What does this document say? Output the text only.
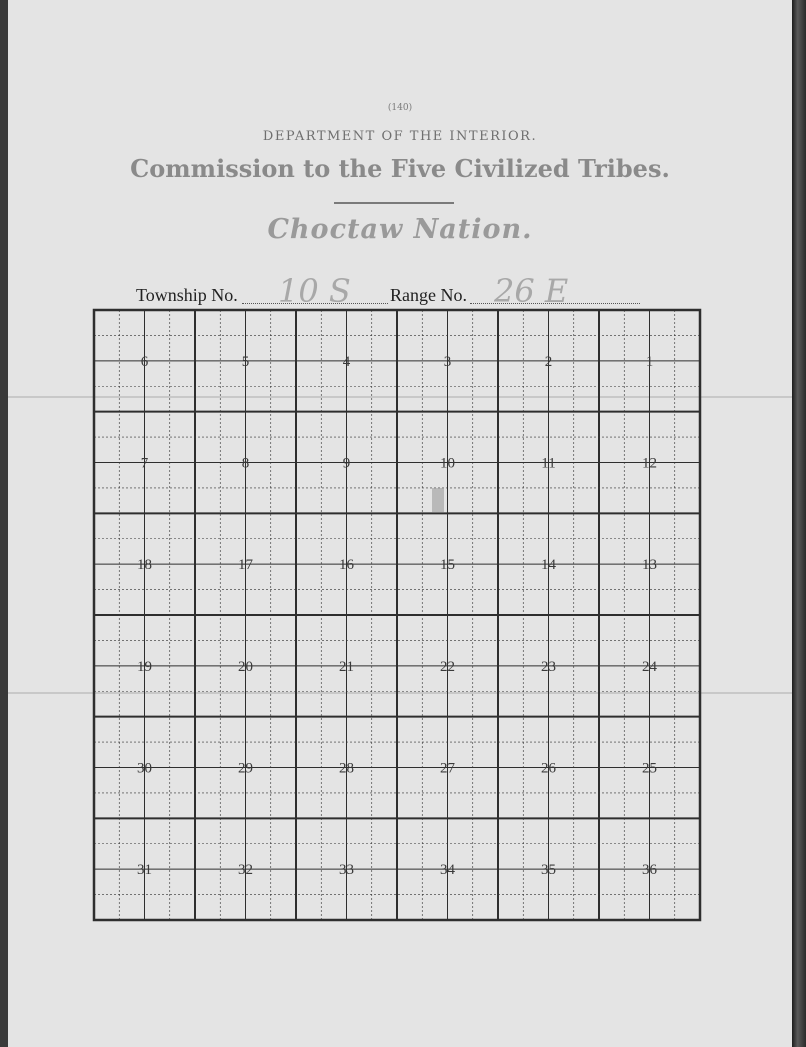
(140)
DEPARTMENT OF THE INTERIOR.
Commission to the Five Civilized Tribes.
Choctaw Nation.
Township No. 10 S Range No. 26 E
6	5	4	3	2	1
7	8	9	10	11	12
18	17	16	15	14	13
19	20	21	22	23	24
30	29	28	27	26	25
31	32	33	34	35	36
